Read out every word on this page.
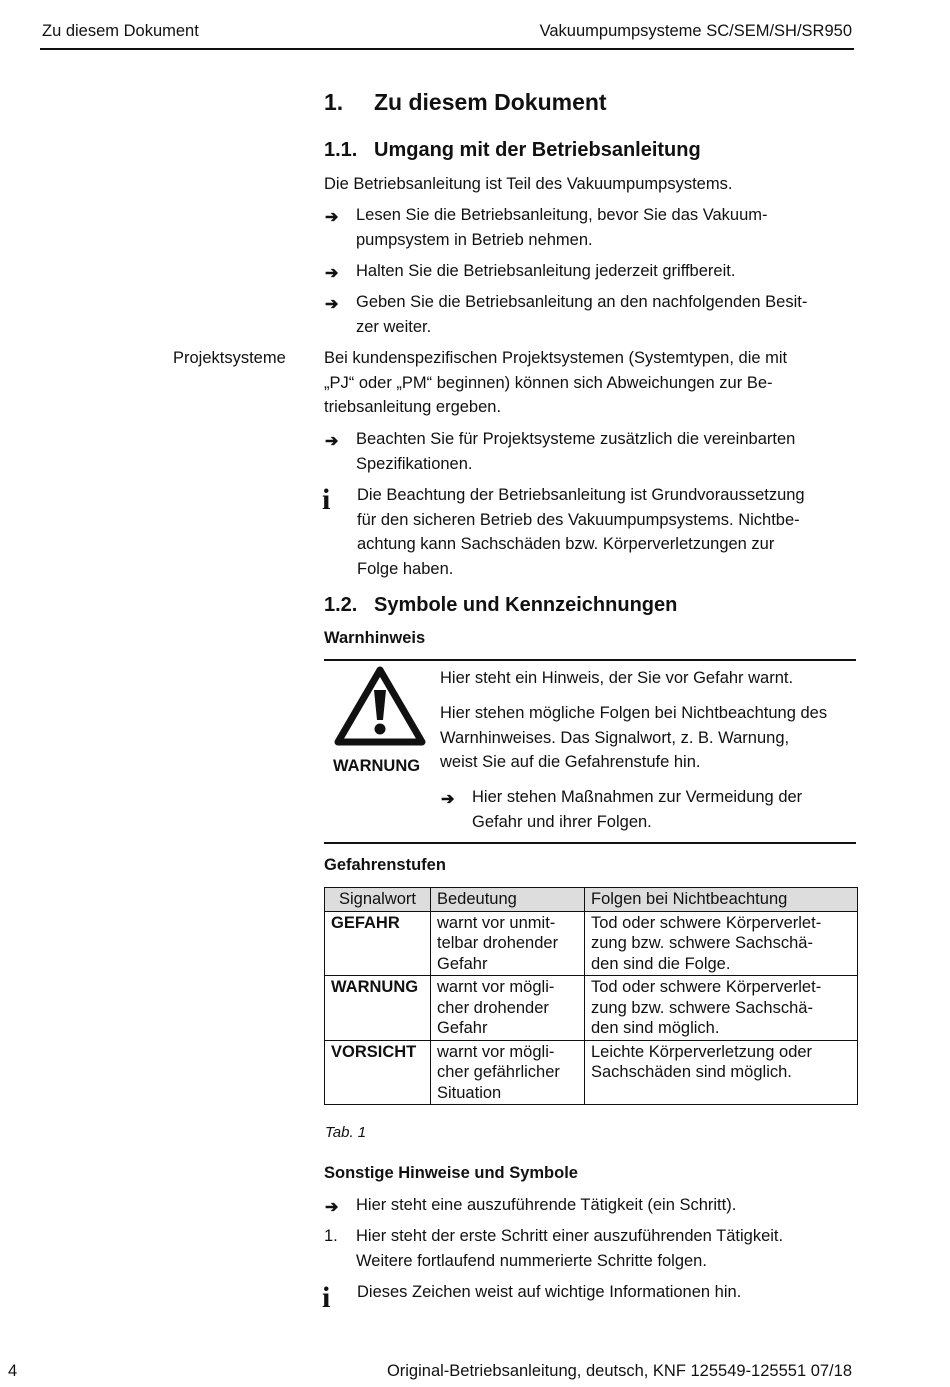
Zu diesem Dokument	Vakuumpumpsysteme SC/SEM/SH/SR950
1. Zu diesem Dokument
1.1. Umgang mit der Betriebsanleitung

Die Betriebsanleitung ist Teil des Vakuumpumpsystems.

➔ Lesen Sie die Betriebsanleitung, bevor Sie das Vakuum-
pumpsystem in Betrieb nehmen.

➔ Halten Sie die Betriebsanleitung jederzeit griffbereit.

➔ Geben Sie die Betriebsanleitung an den nachfolgenden Besit-
zer weiter.

Projektsysteme Bei kundenspezifischen Projektsystemen (Systemtypen, die mit
„PJ“ oder „PM“ beginnen) können sich Abweichungen zur Be-
triebsanleitung ergeben.

➔ Beachten Sie für Projektsysteme zusätzlich die vereinbarten
Spezifikationen.

i Die Beachtung der Betriebsanleitung ist Grundvoraussetzung
für den sicheren Betrieb des Vakuumpumpsystems. Nichtbe-
achtung kann Sachschäden bzw. Körperverletzungen zur
Folge haben.

1.2. Symbole und Kennzeichnungen
Warnhinweis
WARNUNG

Hier steht ein Hinweis, der Sie vor Gefahr warnt.

Hier stehen mögliche Folgen bei Nichtbeachtung des
Warnhinweises. Das Signalwort, z. B. Warnung,
weist Sie auf die Gefahrenstufe hin.

➔ Hier stehen Maßnahmen zur Vermeidung der
Gefahr und ihrer Folgen.

Gefahrenstufen
Signalwort	Bedeutung	Folgen bei Nichtbeachtung
GEFAHR	warnt vor unmit-
telbar drohender
Gefahr	Tod oder schwere Körperverlet-
zung bzw. schwere Sachschä-
den sind die Folge.
WARNUNG	warnt vor mögli-
cher drohender
Gefahr	Tod oder schwere Körperverlet-
zung bzw. schwere Sachschä-
den sind möglich.
VORSICHT	warnt vor mögli-
cher gefährlicher
Situation	Leichte Körperverletzung oder
Sachschäden sind möglich.
Tab. 1
Sonstige Hinweise und Symbole
➔ Hier steht eine auszuführende Tätigkeit (ein Schritt).

1. Hier steht der erste Schritt einer auszuführenden Tätigkeit.
Weitere fortlaufend nummerierte Schritte folgen.

i Dieses Zeichen weist auf wichtige Informationen hin.

4	Original-Betriebsanleitung, deutsch, KNF 125549-125551 07/18
